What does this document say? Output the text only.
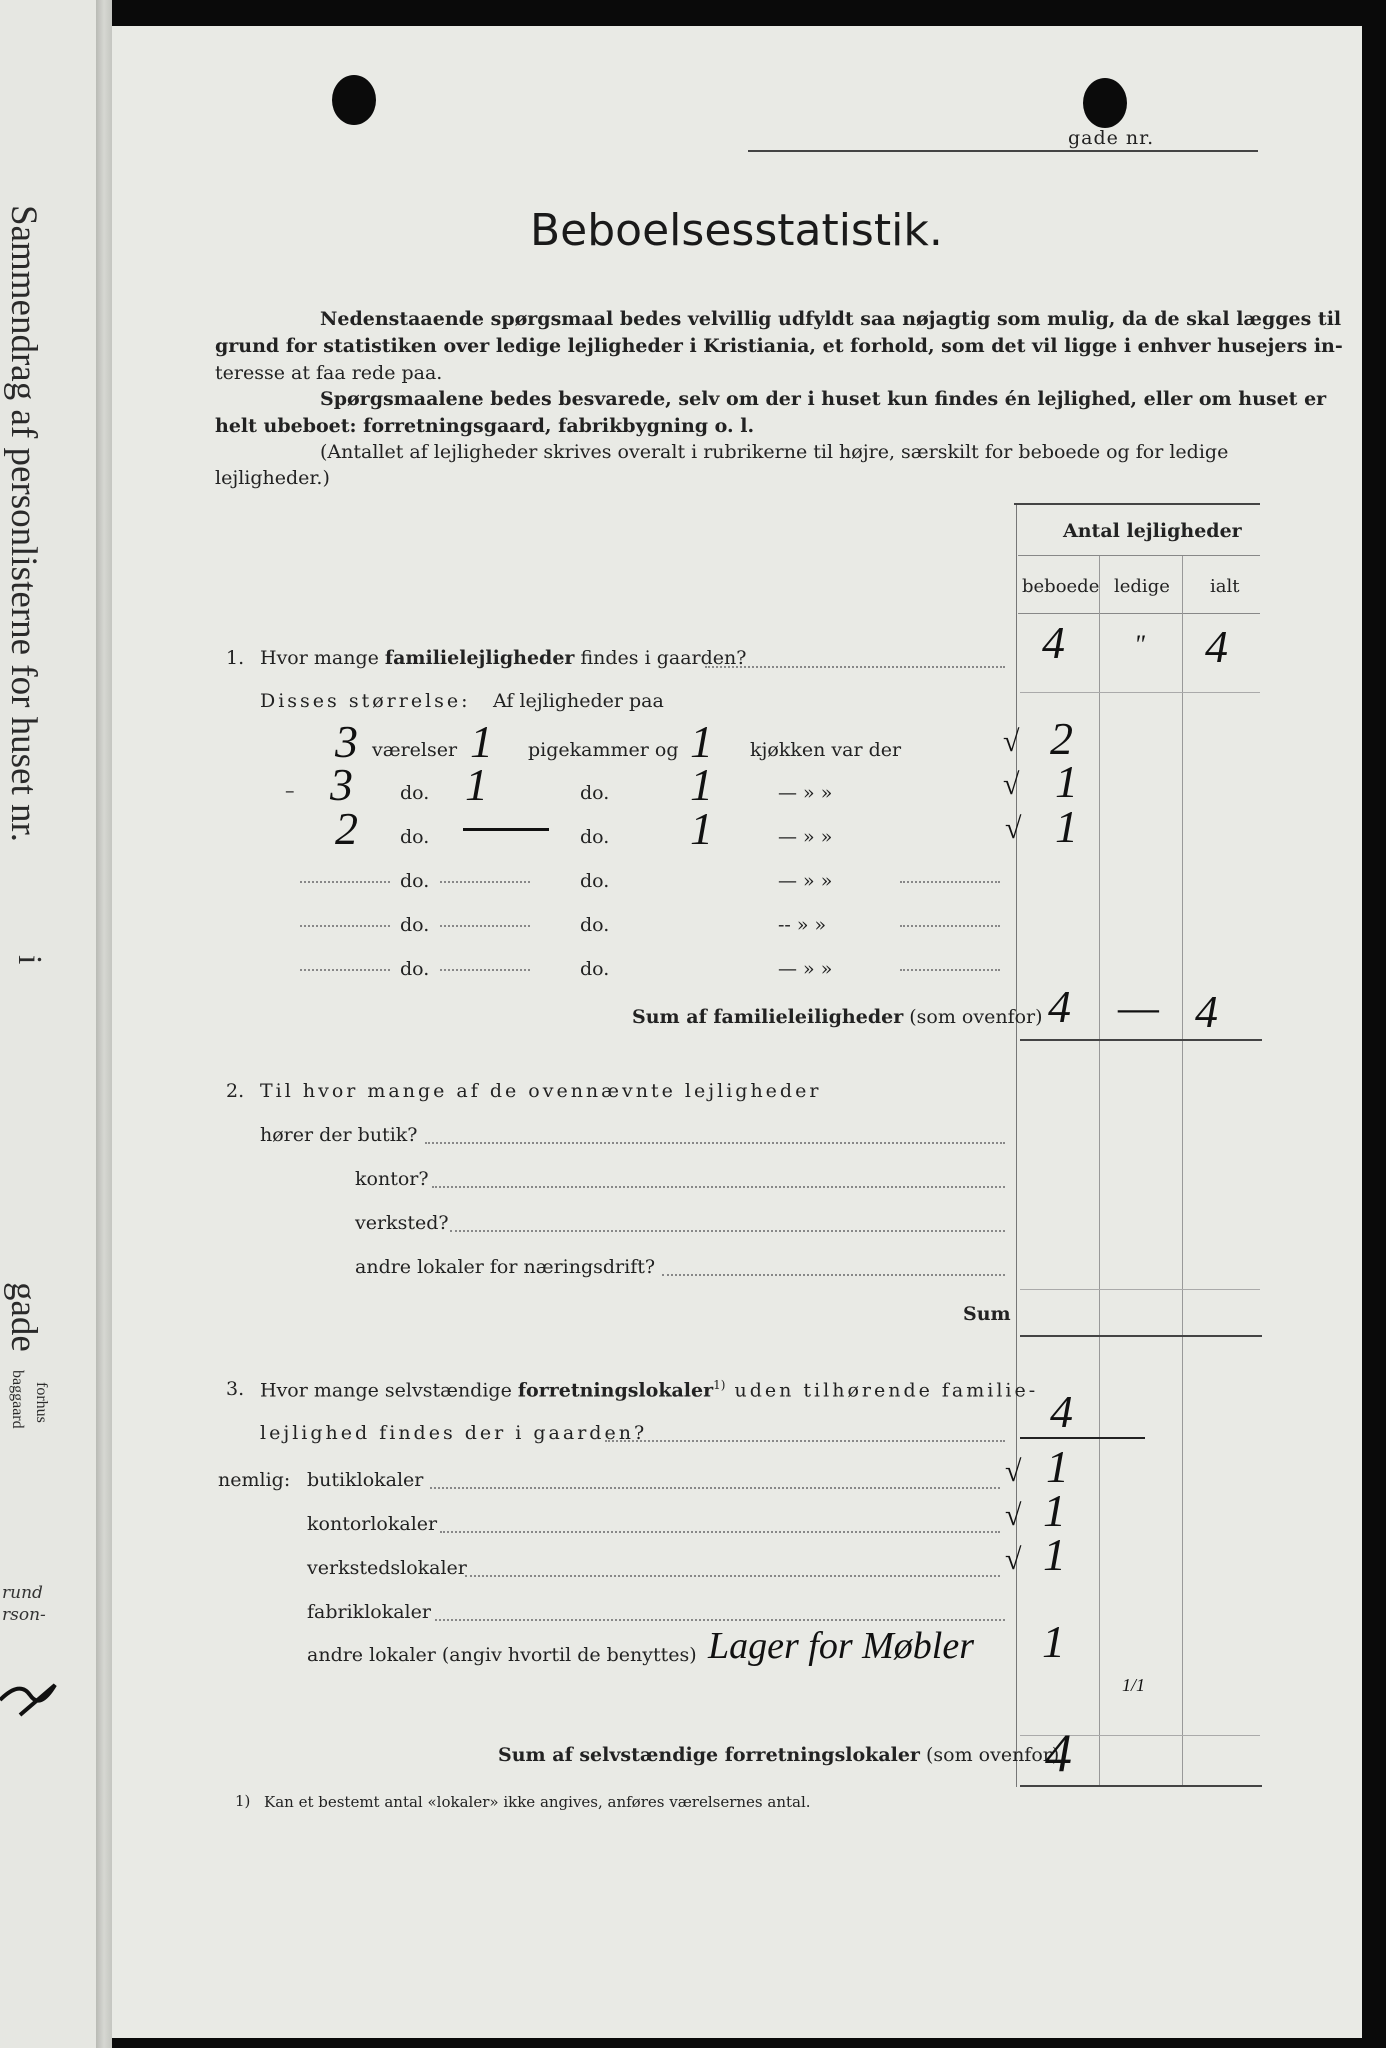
Sammendrag af personlisterne for huset nr.
i
gade
forhus
baggaard
rund
rson-
gade nr.
Beboelsesstatistik.
Nedenstaaende spørgsmaal bedes velvillig udfyldt saa nøjagtig som mulig, da de skal lægges til
grund for statistiken over ledige lejligheder i Kristiania, et forhold, som det vil ligge i enhver husejers in-
teresse at faa rede paa.
Spørgsmaalene bedes besvarede, selv om der i huset kun findes én lejlighed, eller om huset er
helt ubeboet: forretningsgaard, fabrikbygning o. l.
(Antallet af lejligheder skrives overalt i rubrikerne til højre, særskilt for beboede og for ledige
lejligheder.)
Antal lejligheder
beboede ledige ialt
1. Hvor mange familielejligheder findes i gaarden?	4	" 4
Disses størrelse: Af lejligheder paa
3 værelser 1 pigekammer og 1 kjøkken var der	√ 2
– 3 do. 1	do. 1	— » »	√ 1
2 do.	do. 1	— » »	√ 1
do.	do.	— » »
do.	do.	-- » »
do.	do.	— » »
Sum af familieleiligheder (som ovenfor) 4 — 4
2. Til hvor mange af de ovennævnte lejligheder
hører der butik?
kontor?
verksted?
andre lokaler for næringsdrift?
Sum
3. Hvor mange selvstændige forretningslokaler$^{1)}$ uden tilhørende familie-
lejlighed findes der i gaarden?	4
nemlig: butiklokaler	√ 1
kontorlokaler	√ 1
verkstedslokaler	√ 1
fabriklokaler
andre lokaler (angiv hvortil de benyttes) Lager for Møbler 1
1/1
Sum af selvstændige forretningslokaler (som ovenfor)
4
1) Kan et bestemt antal «lokaler» ikke angives, anføres værelsernes antal.
